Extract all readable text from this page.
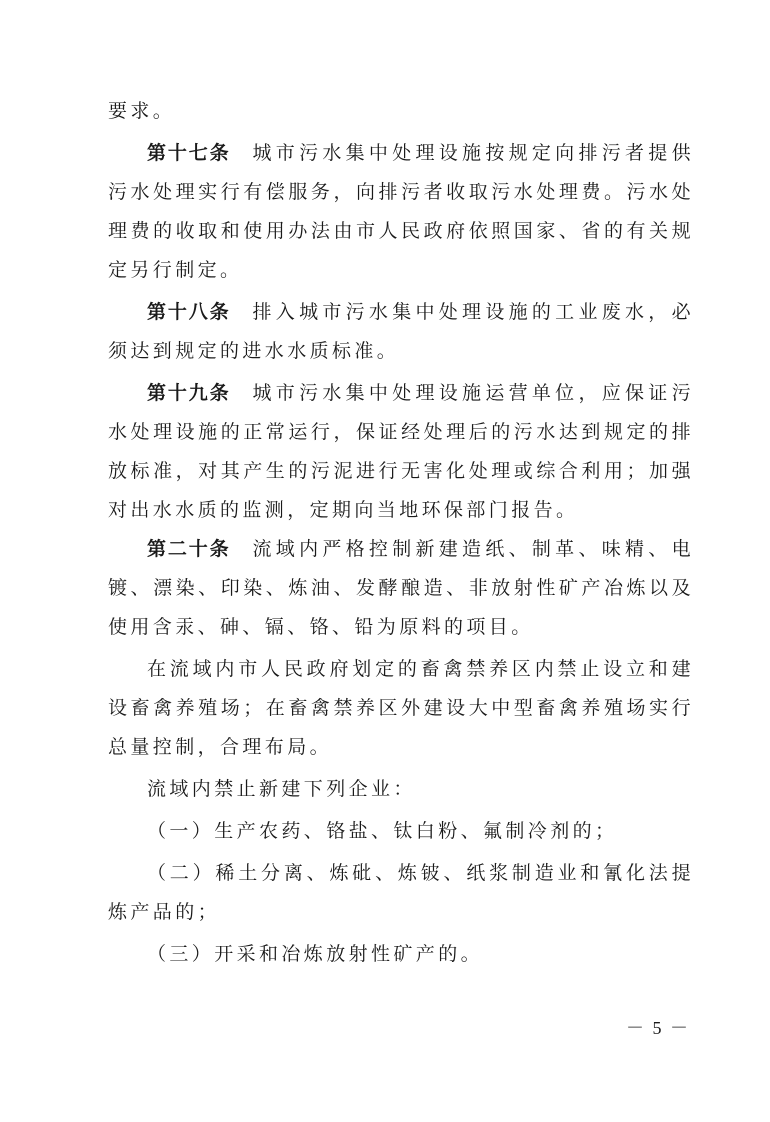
要求。

第十七条 城市污水集中处理设施按规定向排污者提供污水处理实行有偿服务，向排污者收取污水处理费。污水处理费的收取和使用办法由市人民政府依照国家、省的有关规定另行制定。

第十八条 排入城市污水集中处理设施的工业废水，必须达到规定的进水水质标准。

第十九条 城市污水集中处理设施运营单位，应保证污水处理设施的正常运行，保证经处理后的污水达到规定的排放标准，对其产生的污泥进行无害化处理或综合利用；加强对出水水质的监测，定期向当地环保部门报告。

第二十条 流域内严格控制新建造纸、制革、味精、电镀、漂染、印染、炼油、发酵酿造、非放射性矿产冶炼以及使用含汞、砷、镉、铬、铅为原料的项目。

在流域内市人民政府划定的畜禽禁养区内禁止设立和建设畜禽养殖场；在畜禽禁养区外建设大中型畜禽养殖场实行总量控制，合理布局。

流域内禁止新建下列企业：

（一）生产农药、铬盐、钛白粉、氟制冷剂的；

（二）稀土分离、炼砒、炼铍、纸浆制造业和氰化法提炼产品的；

（三）开采和冶炼放射性矿产的。

－ 5 －
